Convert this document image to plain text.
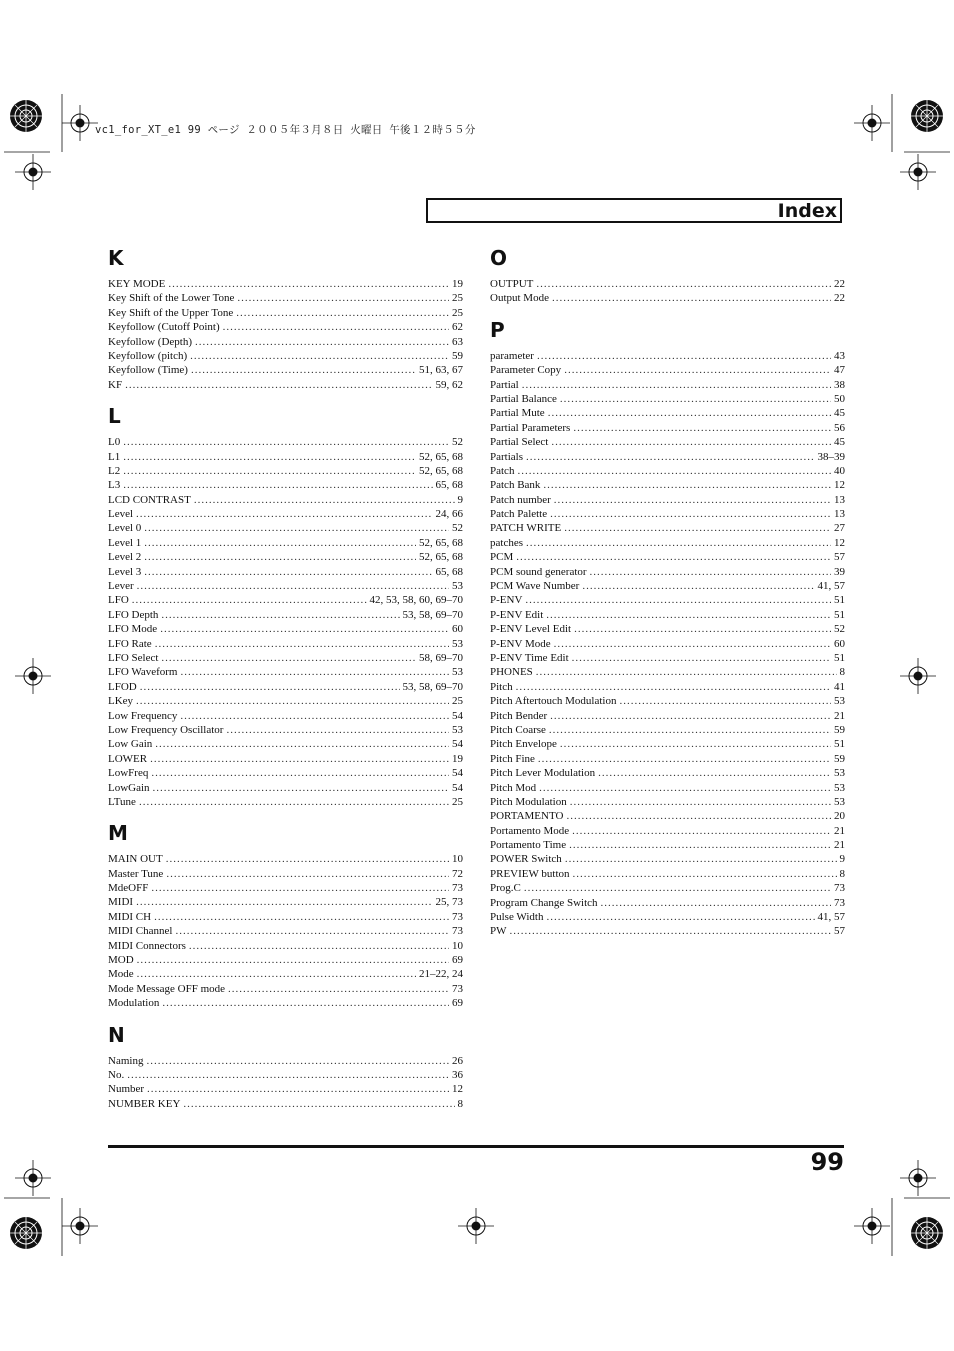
vc1_for_XT_e1 99 ページ ２００５年３月８日 火曜日 午後１２時５５分
Index
K
KEY MODE .....	19
Key Shift of the Lower Tone .....	25
Key Shift of the Upper Tone .....	25
Keyfollow (Cutoff Point) .....	62
Keyfollow (Depth) .....	63
Keyfollow (pitch) .....	59
Keyfollow (Time) .....	51, 63, 67
KF .....	59, 62
L
L0 .....	52
L1 .....	52, 65, 68
L2 .....	52, 65, 68
L3 .....	65, 68
LCD CONTRAST .....	9
Level .....	24, 66
Level 0 .....	52
Level 1 .....	52, 65, 68
Level 2 .....	52, 65, 68
Level 3 .....	65, 68
Lever .....	53
LFO .....	42, 53, 58, 60, 69–70
LFO Depth .....	53, 58, 69–70
LFO Mode .....	60
LFO Rate .....	53
LFO Select .....	58, 69–70
LFO Waveform .....	53
LFOD .....	53, 58, 69–70
LKey .....	25
Low Frequency .....	54
Low Frequency Oscillator .....	53
Low Gain .....	54
LOWER .....	19
LowFreq .....	54
LowGain .....	54
LTune .....	25
M
MAIN OUT .....	10
Master Tune .....	72
MdeOFF .....	73
MIDI .....	25, 73
MIDI CH .....	73
MIDI Channel .....	73
MIDI Connectors .....	10
MOD .....	69
Mode .....	21–22, 24
Mode Message OFF mode .....	73
Modulation .....	69
N
Naming .....	26
No. .....	36
Number .....	12
NUMBER KEY .....	8
O
OUTPUT .....	22
Output Mode .....	22
P
parameter .....	43
Parameter Copy .....	47
Partial .....	38
Partial Balance .....	50
Partial Mute .....	45
Partial Parameters .....	56
Partial Select .....	45
Partials .....	38–39
Patch .....	40
Patch Bank .....	12
Patch number .....	13
Patch Palette .....	13
PATCH WRITE .....	27
patches .....	12
PCM .....	57
PCM sound generator .....	39
PCM Wave Number .....	41, 57
P-ENV .....	51
P-ENV Edit .....	51
P-ENV Level Edit .....	52
P-ENV Mode .....	60
P-ENV Time Edit .....	51
PHONES .....	8
Pitch .....	41
Pitch Aftertouch Modulation .....	53
Pitch Bender .....	21
Pitch Coarse .....	59
Pitch Envelope .....	51
Pitch Fine .....	59
Pitch Lever Modulation .....	53
Pitch Mod .....	53
Pitch Modulation .....	53
PORTAMENTO .....	20
Portamento Mode .....	21
Portamento Time .....	21
POWER Switch .....	9
PREVIEW button .....	8
Prog.C .....	73
Program Change Switch .....	73
Pulse Width .....	41, 57
PW .....	57
99
